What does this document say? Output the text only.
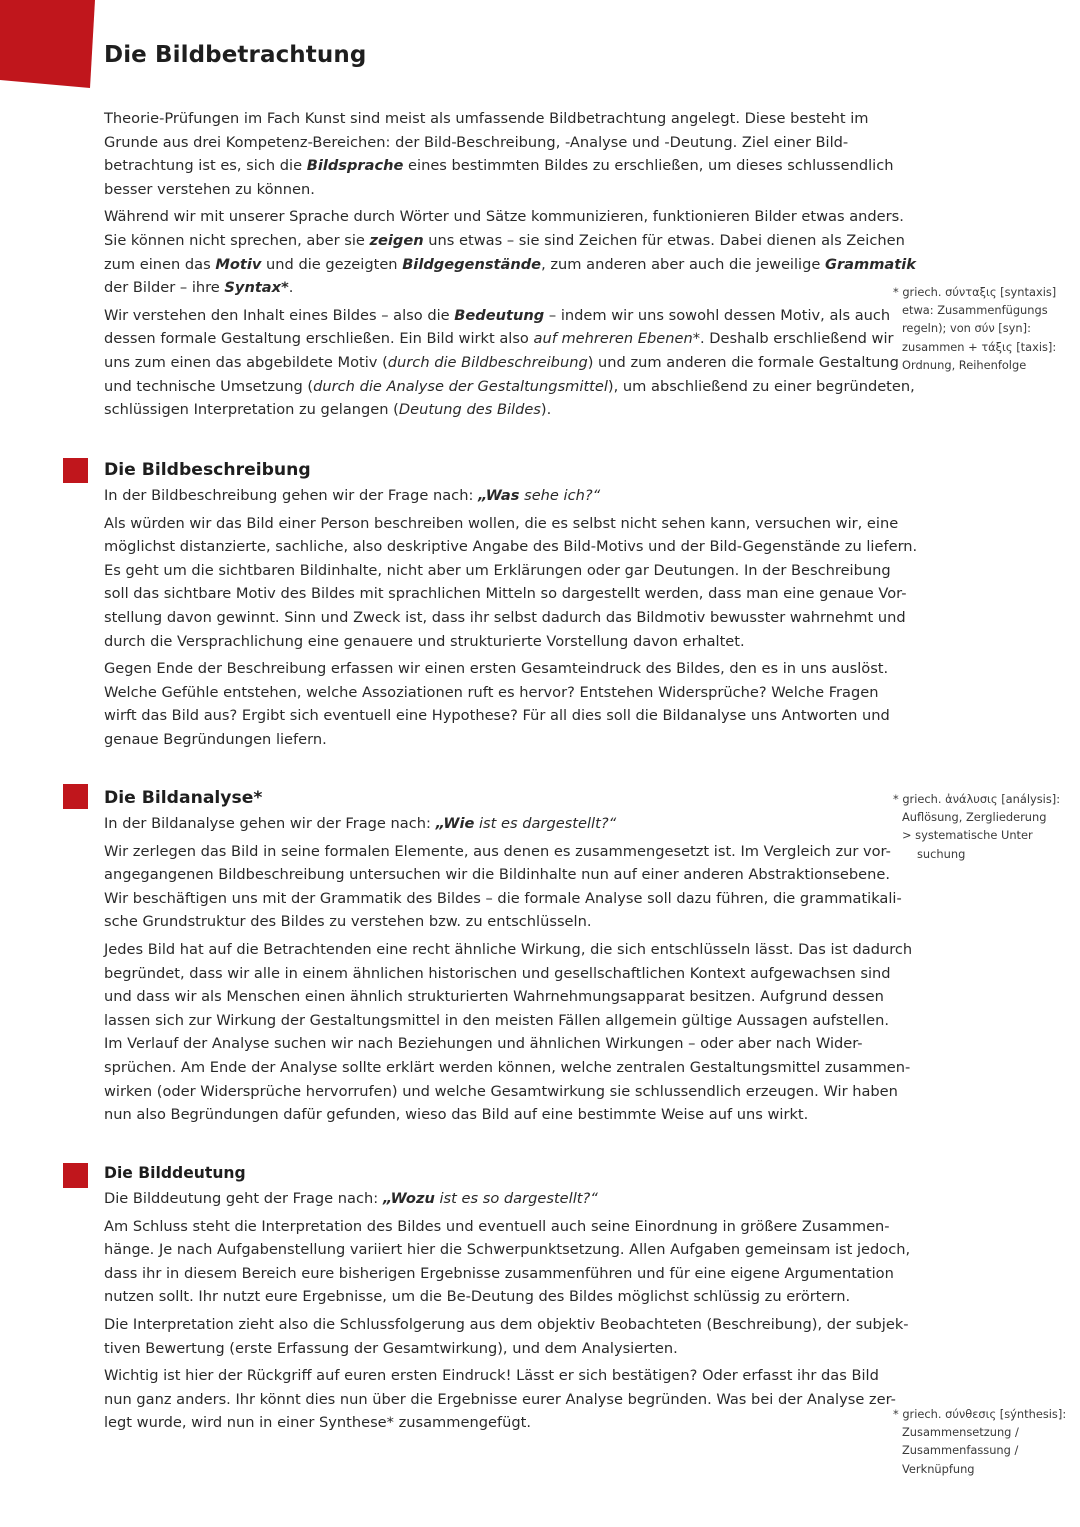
Die Bildbetrachtung

Theorie-Prüfungen im Fach Kunst sind meist als umfassende Bildbetrachtung angelegt. Diese besteht im
Grunde aus drei Kompetenz-Bereichen: der Bild-Beschreibung, -Analyse und -Deutung. Ziel einer Bild-
betrachtung ist es, sich die Bildsprache eines bestimmten Bildes zu erschließen, um dieses schlussendlich
besser verstehen zu können.

Während wir mit unserer Sprache durch Wörter und Sätze kommunizieren, funktionieren Bilder etwas anders.
Sie können nicht sprechen, aber sie zeigen uns etwas – sie sind Zeichen für etwas. Dabei dienen als Zeichen
zum einen das Motiv und die gezeigten Bildgegenstände, zum anderen aber auch die jeweilige Grammatik
der Bilder – ihre Syntax*.

Wir verstehen den Inhalt eines Bildes – also die Bedeutung – indem wir uns sowohl dessen Motiv, als auch
dessen formale Gestaltung erschließen. Ein Bild wirkt also auf mehreren Ebenen*. Deshalb erschließend wir
uns zum einen das abgebildete Motiv (durch die Bildbeschreibung) und zum anderen die formale Gestaltung
und technische Umsetzung (durch die Analyse der Gestaltungsmittel), um abschließend zu einer begründeten,
schlüssigen Interpretation zu gelangen (Deutung des Bildes).

Die Bildbeschreibung

In der Bildbeschreibung gehen wir der Frage nach: „Was sehe ich?“

Als würden wir das Bild einer Person beschreiben wollen, die es selbst nicht sehen kann, versuchen wir, eine
möglichst distanzierte, sachliche, also deskriptive Angabe des Bild-Motivs und der Bild-Gegenstände zu liefern.
Es geht um die sichtbaren Bildinhalte, nicht aber um Erklärungen oder gar Deutungen. In der Beschreibung
soll das sichtbare Motiv des Bildes mit sprachlichen Mitteln so dargestellt werden, dass man eine genaue Vor-
stellung davon gewinnt. Sinn und Zweck ist, dass ihr selbst dadurch das Bildmotiv bewusster wahrnehmt und
durch die Versprachlichung eine genauere und strukturierte Vorstellung davon erhaltet.

Gegen Ende der Beschreibung erfassen wir einen ersten Gesamteindruck des Bildes, den es in uns auslöst.
Welche Gefühle entstehen, welche Assoziationen ruft es hervor? Entstehen Widersprüche? Welche Fragen
wirft das Bild aus? Ergibt sich eventuell eine Hypothese? Für all dies soll die Bildanalyse uns Antworten und
genaue Begründungen liefern.

Die Bildanalyse*

In der Bildanalyse gehen wir der Frage nach: „Wie ist es dargestellt?“

Wir zerlegen das Bild in seine formalen Elemente, aus denen es zusammengesetzt ist. Im Vergleich zur vor-
angegangenen Bildbeschreibung untersuchen wir die Bildinhalte nun auf einer anderen Abstraktionsebene.
Wir beschäftigen uns mit der Grammatik des Bildes – die formale Analyse soll dazu führen, die grammatikali-
sche Grundstruktur des Bildes zu verstehen bzw. zu entschlüsseln.

Jedes Bild hat auf die Betrachtenden eine recht ähnliche Wirkung, die sich entschlüsseln lässt. Das ist dadurch
begründet, dass wir alle in einem ähnlichen historischen und gesellschaftlichen Kontext aufgewachsen sind
und dass wir als Menschen einen ähnlich strukturierten Wahrnehmungsapparat besitzen. Aufgrund dessen
lassen sich zur Wirkung der Gestaltungsmittel in den meisten Fällen allgemein gültige Aussagen aufstellen.
Im Verlauf der Analyse suchen wir nach Beziehungen und ähnlichen Wirkungen – oder aber nach Wider-
sprüchen. Am Ende der Analyse sollte erklärt werden können, welche zentralen Gestaltungsmittel zusammen-
wirken (oder Widersprüche hervorrufen) und welche Gesamtwirkung sie schlussendlich erzeugen. Wir haben
nun also Begründungen dafür gefunden, wieso das Bild auf eine bestimmte Weise auf uns wirkt.

Die Bilddeutung

Die Bilddeutung geht der Frage nach: „Wozu ist es so dargestellt?“

Am Schluss steht die Interpretation des Bildes und eventuell auch seine Einordnung in größere Zusammen-
hänge. Je nach Aufgabenstellung variiert hier die Schwerpunktsetzung. Allen Aufgaben gemeinsam ist jedoch,
dass ihr in diesem Bereich eure bisherigen Ergebnisse zusammenführen und für eine eigene Argumentation
nutzen sollt. Ihr nutzt eure Ergebnisse, um die Be-Deutung des Bildes möglichst schlüssig zu erörtern.

Die Interpretation zieht also die Schlussfolgerung aus dem objektiv Beobachteten (Beschreibung), der subjek-
tiven Bewertung (erste Erfassung der Gesamtwirkung), und dem Analysierten.

Wichtig ist hier der Rückgriff auf euren ersten Eindruck! Lässt er sich bestätigen? Oder erfasst ihr das Bild
nun ganz anders. Ihr könnt dies nun über die Ergebnisse eurer Analyse begründen. Was bei der Analyse zer-
legt wurde, wird nun in einer Synthese* zusammengefügt.

* griech. σύνταξις [syntaxis]
etwa: Zusammenfügungs
regeln); von σύν [syn]:
zusammen + τάξις [taxis]:
Ordnung, Reihenfolge
* griech. ἀνάλυσις [análysis]:
Auflösung, Zergliederung
> systematische Unter
suchung
* griech. σύνθεσις [sýnthesis]:
Zusammensetzung /
Zusammenfassung /
Verknüpfung
